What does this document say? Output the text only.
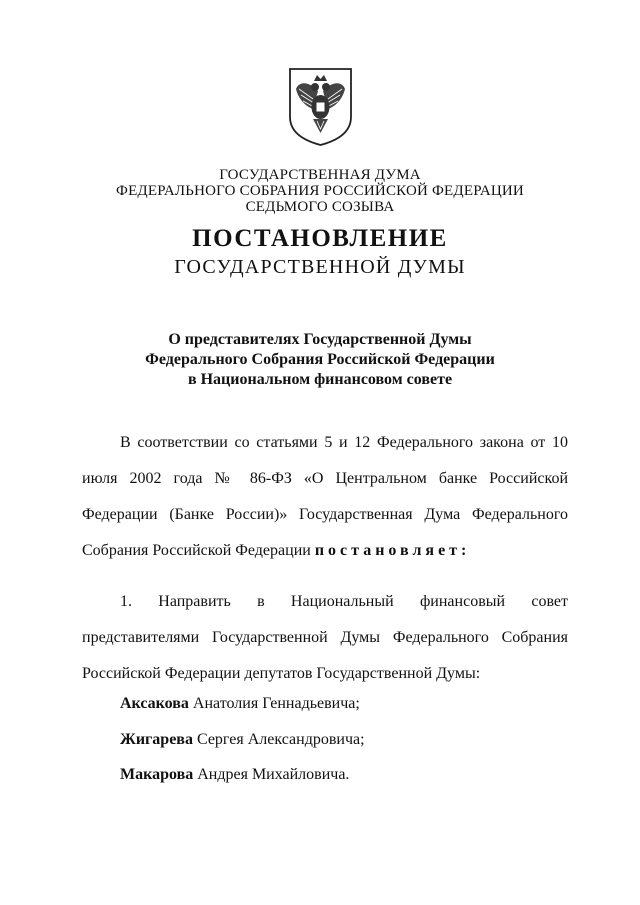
ГОСУДАРСТВЕННАЯ ДУМА
ФЕДЕРАЛЬНОГО СОБРАНИЯ РОССИЙСКОЙ ФЕДЕРАЦИИ
СЕДЬМОГО СОЗЫВА
ПОСТАНОВЛЕНИЕ
ГОСУДАРСТВЕННОЙ ДУМЫ
О представителях Государственной Думы
Федерального Собрания Российской Федерации
в Национальном финансовом совете

В соответствии со статьями 5 и 12 Федерального закона от 10 июля 2002 года № 86-ФЗ «О Центральном банке Российской Федерации (Банке России)» Государственная Дума Федерального Собрания Российской Федерации постановляет:

1. Направить в Национальный финансовый совет представителями Государственной Думы Федерального Собрания Российской Федерации депутатов Государственной Думы:

Аксакова Анатолия Геннадьевича;
Жигарева Сергея Александровича;
Макарова Андрея Михайловича.
